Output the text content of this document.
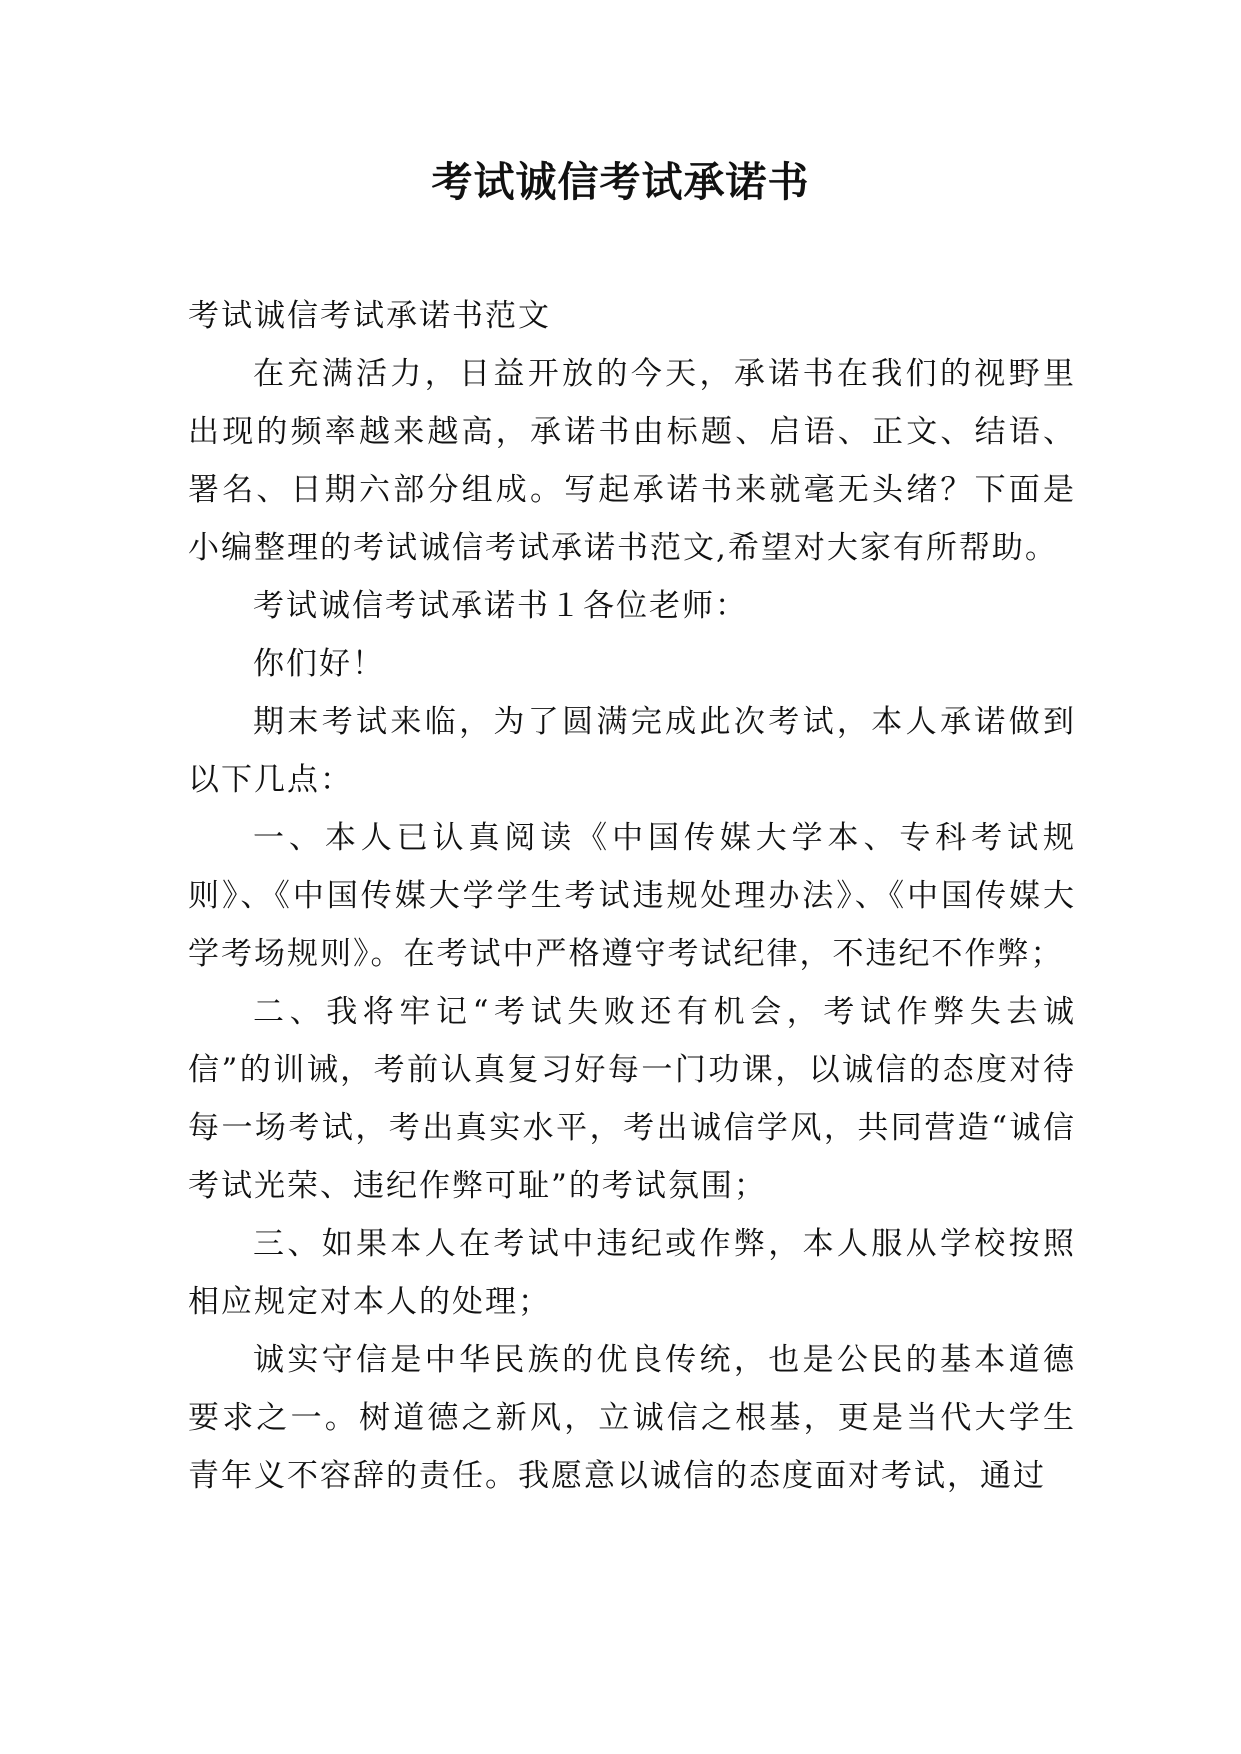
考试诚信考试承诺书

考试诚信考试承诺书范文

在充满活力，日益开放的今天，承诺书在我们的视野里出现的频率越来越高，承诺书由标题、启语、正文、结语、署名、日期六部分组成。写起承诺书来就毫无头绪？下面是小编整理的考试诚信考试承诺书范文,希望对大家有所帮助。

考试诚信考试承诺书１各位老师：

你们好！

期末考试来临，为了圆满完成此次考试，本人承诺做到以下几点：

一、本人已认真阅读《中国传媒大学本、专科考试规则》、《中国传媒大学学生考试违规处理办法》、《中国传媒大学考场规则》。在考试中严格遵守考试纪律，不违纪不作弊；

二、我将牢记“考试失败还有机会，考试作弊失去诚信”的训诫，考前认真复习好每一门功课，以诚信的态度对待每一场考试，考出真实水平，考出诚信学风，共同营造“诚信考试光荣、违纪作弊可耻”的考试氛围；

三、如果本人在考试中违纪或作弊，本人服从学校按照相应规定对本人的处理；

诚实守信是中华民族的优良传统，也是公民的基本道德要求之一。树道德之新风，立诚信之根基，更是当代大学生青年义不容辞的责任。我愿意以诚信的态度面对考试，通过
